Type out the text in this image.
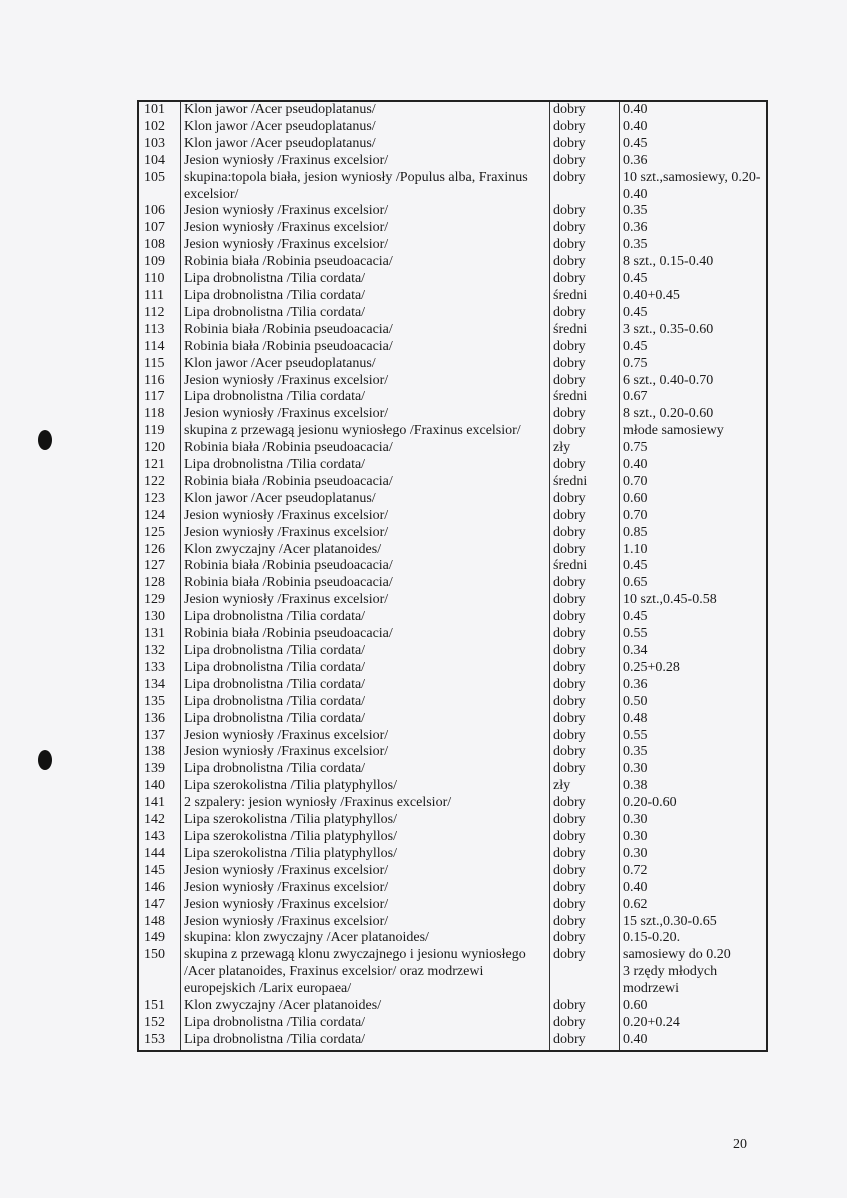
101	Klon jawor /Acer pseudoplatanus/	dobry	0.40
102	Klon jawor /Acer pseudoplatanus/	dobry	0.40
103	Klon jawor /Acer pseudoplatanus/	dobry	0.45
104	Jesion wyniosły /Fraxinus excelsior/	dobry	0.36
105	skupina:topola biała, jesion wyniosły /Populus alba, Fraxinus excelsior/	dobry	10 szt.,samosiewy, 0.20-0.40
106	Jesion wyniosły /Fraxinus excelsior/	dobry	0.35
107	Jesion wyniosły /Fraxinus excelsior/	dobry	0.36
108	Jesion wyniosły /Fraxinus excelsior/	dobry	0.35
109	Robinia biała /Robinia pseudoacacia/	dobry	8 szt., 0.15-0.40
110	Lipa drobnolistna /Tilia cordata/	dobry	0.45
111	Lipa drobnolistna /Tilia cordata/	średni	0.40+0.45
112	Lipa drobnolistna /Tilia cordata/	dobry	0.45
113	Robinia biała /Robinia pseudoacacia/	średni	3 szt., 0.35-0.60
114	Robinia biała /Robinia pseudoacacia/	dobry	0.45
115	Klon jawor /Acer pseudoplatanus/	dobry	0.75
116	Jesion wyniosły /Fraxinus excelsior/	dobry	6 szt., 0.40-0.70
117	Lipa drobnolistna /Tilia cordata/	średni	0.67
118	Jesion wyniosły /Fraxinus excelsior/	dobry	8 szt., 0.20-0.60
119	skupina z przewagą jesionu wyniosłego /Fraxinus excelsior/	dobry	młode samosiewy
120	Robinia biała /Robinia pseudoacacia/	zły	0.75
121	Lipa drobnolistna /Tilia cordata/	dobry	0.40
122	Robinia biała /Robinia pseudoacacia/	średni	0.70
123	Klon jawor /Acer pseudoplatanus/	dobry	0.60
124	Jesion wyniosły /Fraxinus excelsior/	dobry	0.70
125	Jesion wyniosły /Fraxinus excelsior/	dobry	0.85
126	Klon zwyczajny /Acer platanoides/	dobry	1.10
127	Robinia biała /Robinia pseudoacacia/	średni	0.45
128	Robinia biała /Robinia pseudoacacia/	dobry	0.65
129	Jesion wyniosły /Fraxinus excelsior/	dobry	10 szt.,0.45-0.58
130	Lipa drobnolistna /Tilia cordata/	dobry	0.45
131	Robinia biała /Robinia pseudoacacia/	dobry	0.55
132	Lipa drobnolistna /Tilia cordata/	dobry	0.34
133	Lipa drobnolistna /Tilia cordata/	dobry	0.25+0.28
134	Lipa drobnolistna /Tilia cordata/	dobry	0.36
135	Lipa drobnolistna /Tilia cordata/	dobry	0.50
136	Lipa drobnolistna /Tilia cordata/	dobry	0.48
137	Jesion wyniosły /Fraxinus excelsior/	dobry	0.55
138	Jesion wyniosły /Fraxinus excelsior/	dobry	0.35
139	Lipa drobnolistna /Tilia cordata/	dobry	0.30
140	Lipa szerokolistna /Tilia platyphyllos/	zły	0.38
141	2 szpalery: jesion wyniosły /Fraxinus excelsior/	dobry	0.20-0.60
142	Lipa szerokolistna /Tilia platyphyllos/	dobry	0.30
143	Lipa szerokolistna /Tilia platyphyllos/	dobry	0.30
144	Lipa szerokolistna /Tilia platyphyllos/	dobry	0.30
145	Jesion wyniosły /Fraxinus excelsior/	dobry	0.72
146	Jesion wyniosły /Fraxinus excelsior/	dobry	0.40
147	Jesion wyniosły /Fraxinus excelsior/	dobry	0.62
148	Jesion wyniosły /Fraxinus excelsior/	dobry	15 szt.,0.30-0.65
149	skupina: klon zwyczajny /Acer platanoides/	dobry	0.15-0.20.
150	skupina z przewagą klonu zwyczajnego i jesionu wyniosłego /Acer platanoides, Fraxinus excelsior/ oraz modrzewi europejskich /Larix europaea/	dobry	samosiewy do 0.20
3 rzędy młodych modrzewi
151	Klon zwyczajny /Acer platanoides/	dobry	0.60
152	Lipa drobnolistna /Tilia cordata/	dobry	0.20+0.24
153	Lipa drobnolistna /Tilia cordata/	dobry	0.40
20
